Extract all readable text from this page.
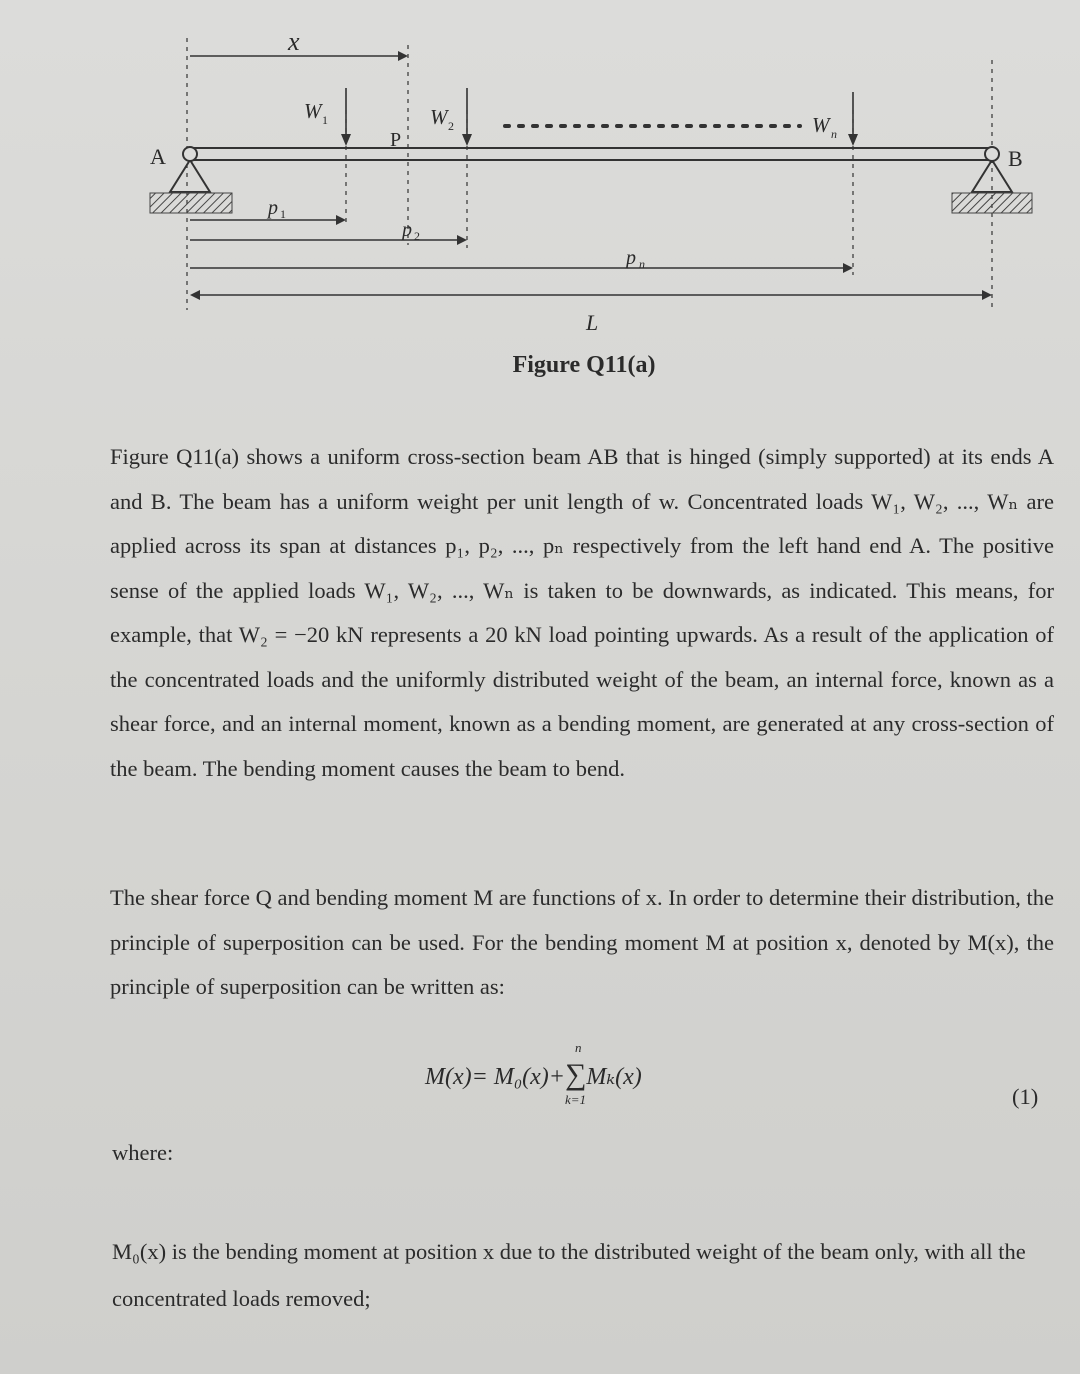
x
A	B
W 1	W 2	W n
P
p 1
p 2
p n
L
Figure Q11(a)
Figure Q11(a) shows a uniform cross-section beam AB that is hinged (simply supported) at its ends A and B. The beam has a uniform weight per unit length of w. Concentrated loads W₁, W₂, ..., Wₙ are applied across its span at distances p₁, p₂, ..., pₙ respectively from the left hand end A. The positive sense of the applied loads W₁, W₂, ..., Wₙ is taken to be downwards, as indicated. This means, for example, that W₂ = −20 kN represents a 20 kN load pointing upwards. As a result of the application of the concentrated loads and the uniformly distributed weight of the beam, an internal force, known as a shear force, and an internal moment, known as a bending moment, are generated at any cross-section of the beam. The bending moment causes the beam to bend.
The shear force Q and bending moment M are functions of x. In order to determine their distribution, the principle of superposition can be used. For the bending moment M at position x, denoted by M(x), the principle of superposition can be written as:
M(x)= M₀(x)+∑
n
k=1
Mₖ(x)
(1)
where:
M₀(x) is the bending moment at position x due to the distributed weight of the beam only, with all the concentrated loads removed;
